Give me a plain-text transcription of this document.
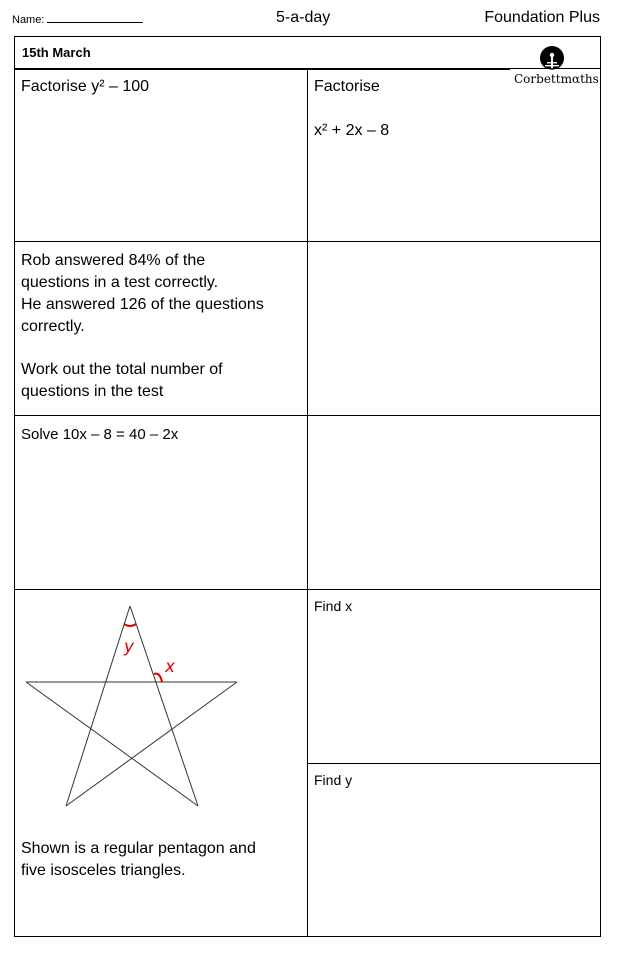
Name:	5-a-day	Foundation Plus
15th March
Corbettmαths
Factorise y² – 100	Factorise
x² + 2x – 8
Rob answered 84% of the
questions in a test correctly.
He answered 126 of the questions
correctly.
Work out the total number of
questions in the test
Solve 10x – 8 = 40 – 2x
y
x
Shown is a regular pentagon and
five isosceles triangles.
Find x
Find y
